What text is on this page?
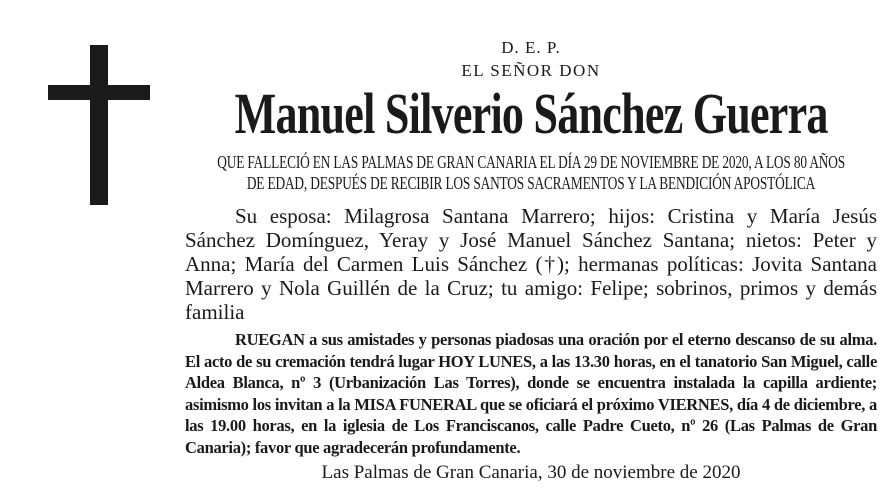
D. E. P.
EL SEÑOR DON
Manuel Silverio Sánchez Guerra
QUE FALLECIÓ EN LAS PALMAS DE GRAN CANARIA EL DÍA 29 DE NOVIEMBRE DE 2020, A LOS 80 AÑOS
DE EDAD, DESPUÉS DE RECIBIR LOS SANTOS SACRAMENTOS Y LA BENDICIÓN APOSTÓLICA

Su esposa: Milagrosa Santana Marrero; hijos: Cristina y María Jesús Sánchez Domínguez, Yeray y José Manuel Sánchez Santana; nietos: Peter y Anna; María del Carmen Luis Sánchez (†); hermanas políticas: Jovita Santana Marrero y Nola Guillén de la Cruz; tu amigo: Felipe; sobrinos, primos y demás familia

RUEGAN a sus amistades y personas piadosas una oración por el eterno descanso de su alma. El acto de su cremación tendrá lugar HOY LUNES, a las 13.30 horas, en el tanatorio San Miguel, calle Aldea Blanca, nº 3 (Urbanización Las Torres), donde se encuentra instalada la capilla ardiente; asimismo los invitan a la MISA FUNERAL que se oficiará el próximo VIERNES, día 4 de diciembre, a las 19.00 horas, en la iglesia de Los Franciscanos, calle Padre Cueto, nº 26 (Las Palmas de Gran Canaria); favor que agradecerán profundamente.

Las Palmas de Gran Canaria, 30 de noviembre de 2020
